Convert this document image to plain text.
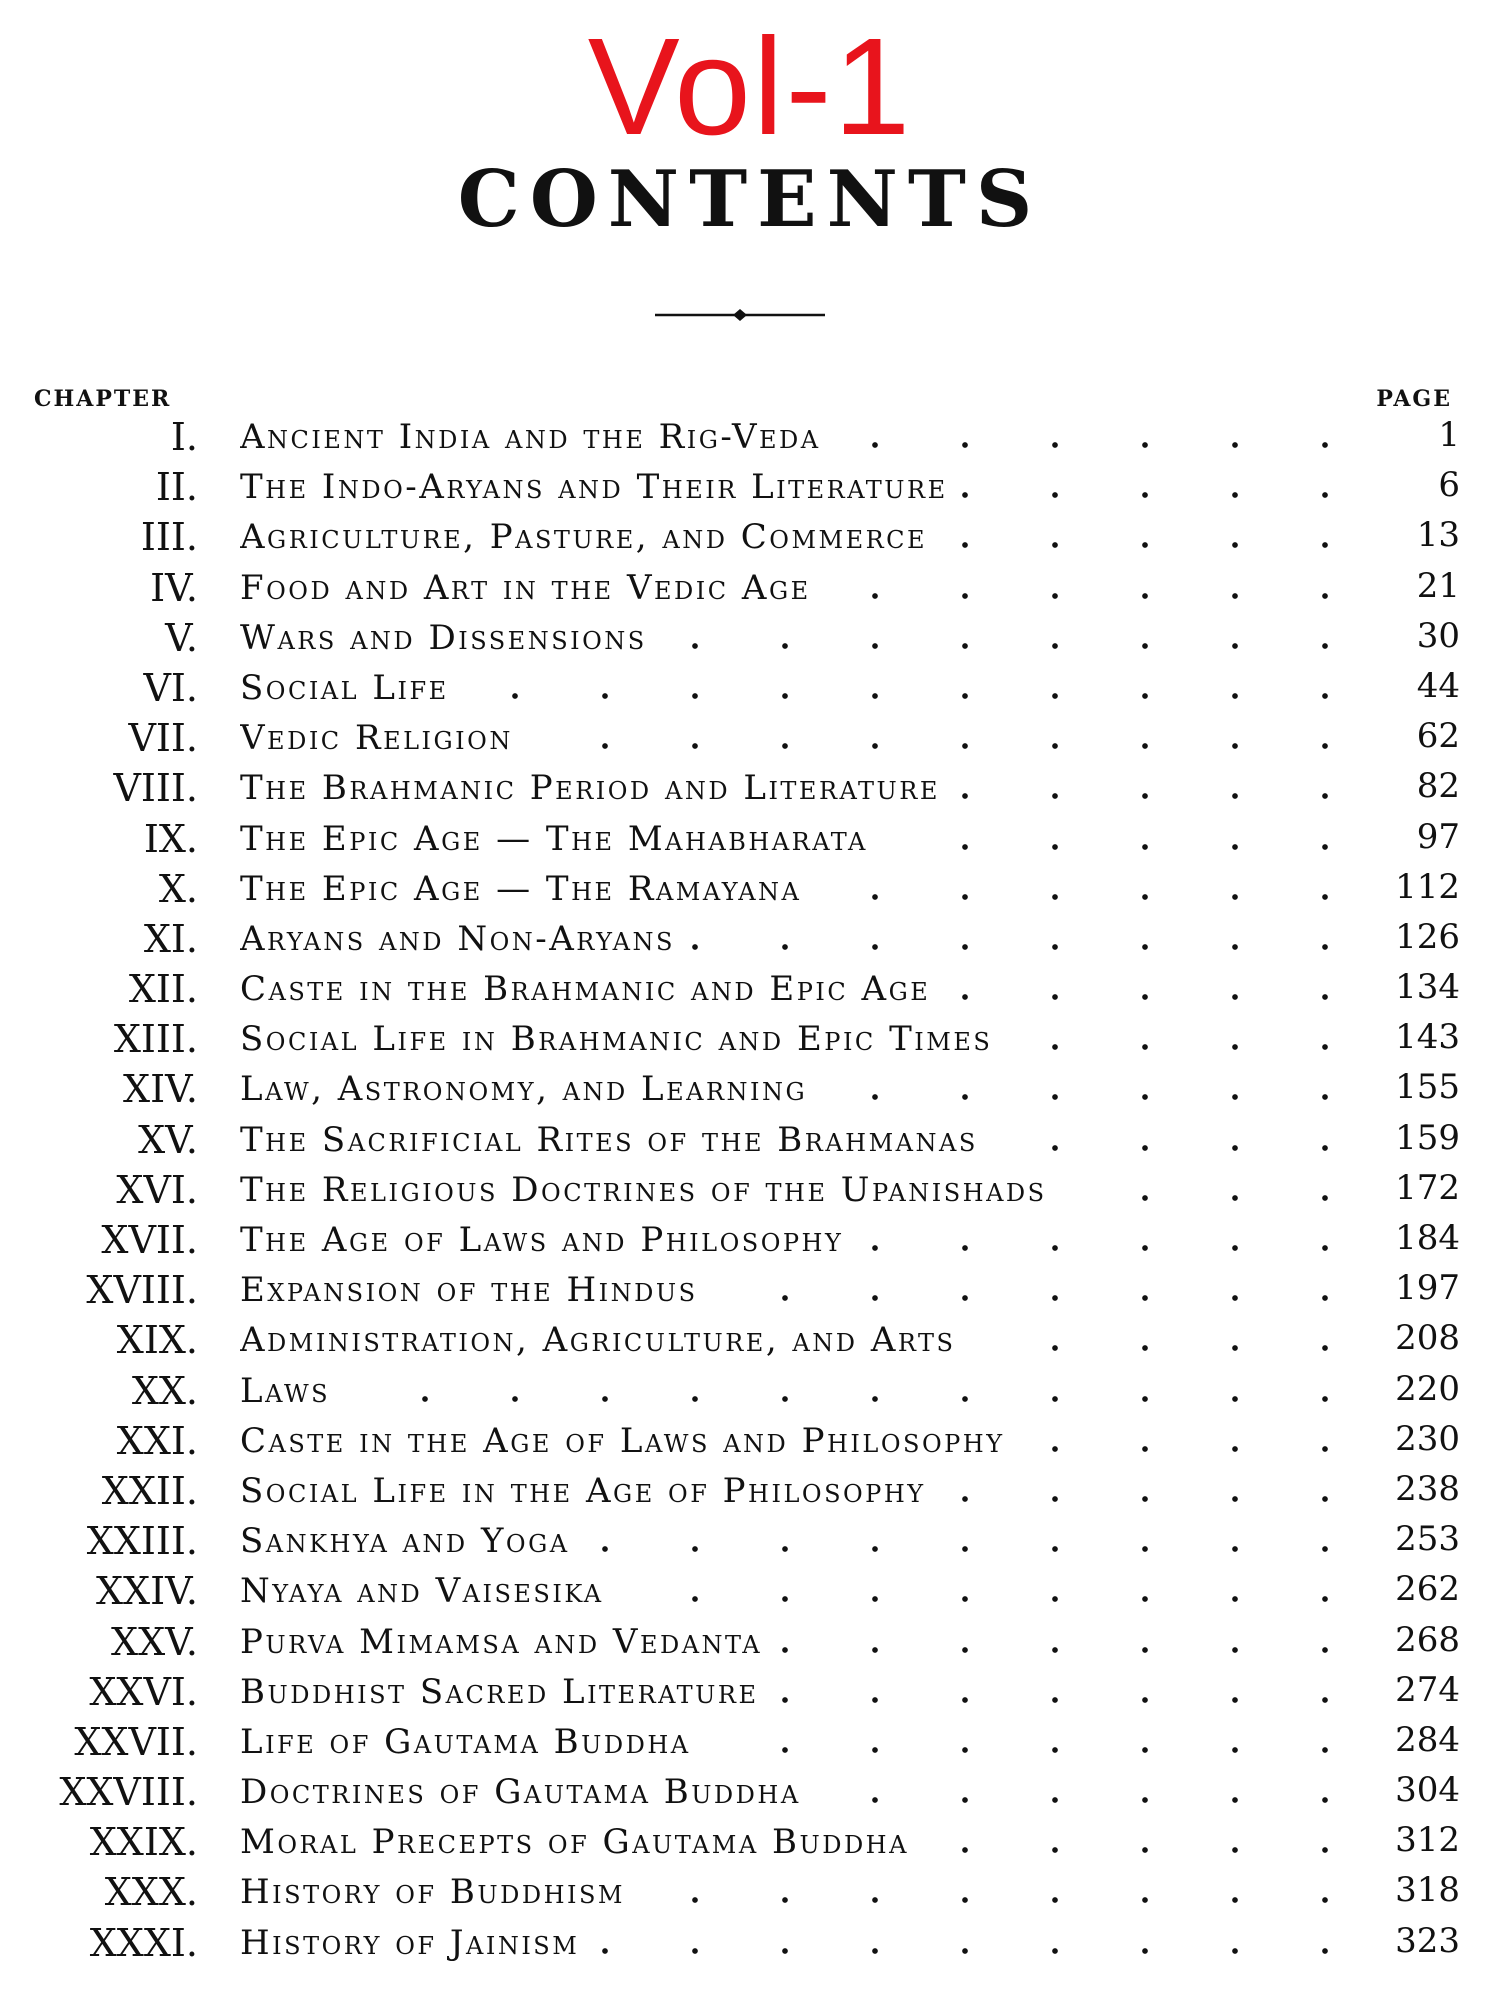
Vol-1
CONTENTS
CHAPTER	PAGE
I. Ancient India and the Rig-Veda	1
II. The Indo-Aryans and Their Literature	6
III. Agriculture, Pasture, and Commerce	13
IV. Food and Art in the Vedic Age	21
V. Wars and Dissensions	30
VI. Social Life	44
VII. Vedic Religion	62
VIII. The Brahmanic Period and Literature	82
IX. The Epic Age — The Mahabharata	97
X. The Epic Age — The Ramayana	112
XI. Aryans and Non-Aryans	126
XII. Caste in the Brahmanic and Epic Age	134
XIII. Social Life in Brahmanic and Epic Times	143
XIV. Law, Astronomy, and Learning	155
XV. The Sacrificial Rites of the Brahmanas	159
XVI. The Religious Doctrines of the Upanishads	172
XVII. The Age of Laws and Philosophy	184
XVIII. Expansion of the Hindus	197
XIX. Administration, Agriculture, and Arts	208
XX. Laws	220
XXI. Caste in the Age of Laws and Philosophy	230
XXII. Social Life in the Age of Philosophy	238
XXIII. Sankhya and Yoga	253
XXIV. Nyaya and Vaisesika	262
XXV. Purva Mimamsa and Vedanta	268
XXVI. Buddhist Sacred Literature	274
XXVII. Life of Gautama Buddha	284
XXVIII. Doctrines of Gautama Buddha	304
XXIX. Moral Precepts of Gautama Buddha	312
XXX. History of Buddhism	318
XXXI. History of Jainism	323
